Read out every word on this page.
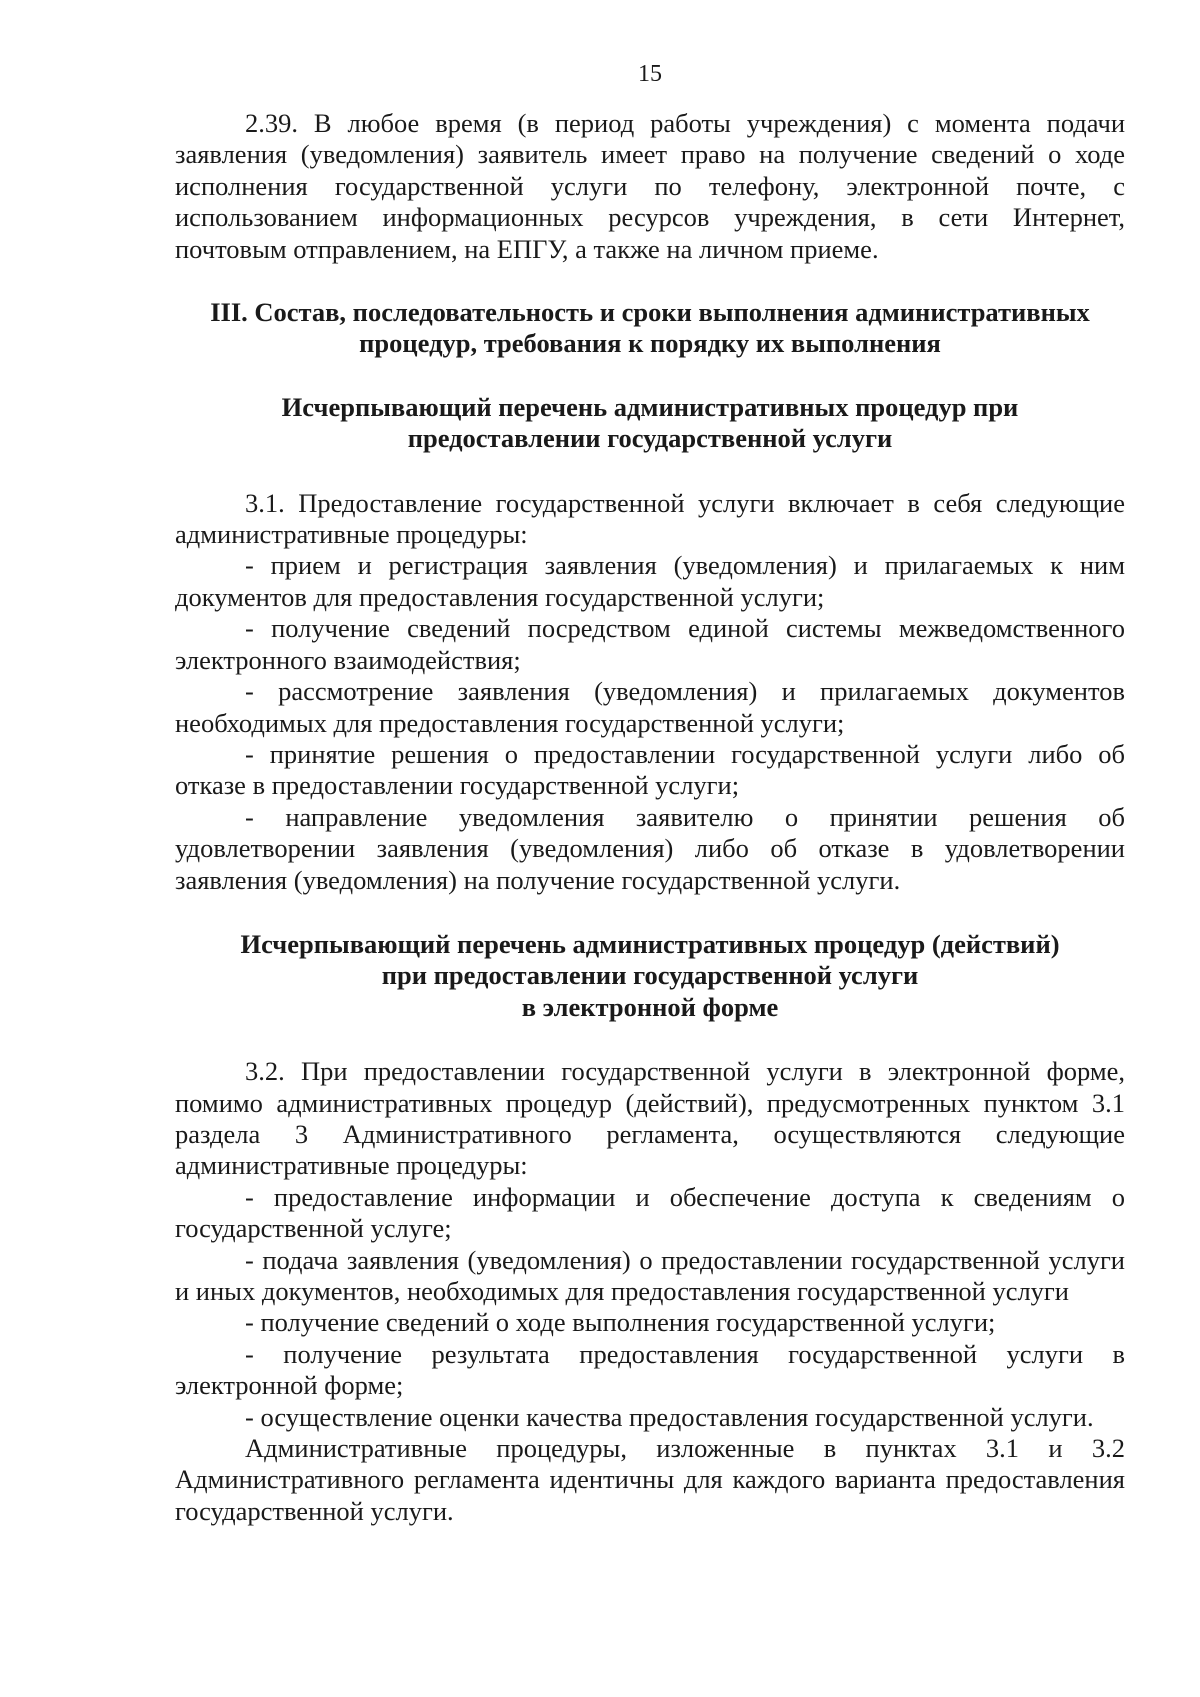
15

2.39. В любое время (в период работы учреждения) с момента подачи заявления (уведомления) заявитель имеет право на получение сведений о ходе исполнения государственной услуги по телефону, электронной почте, с использованием информационных ресурсов учреждения, в сети Интернет, почтовым отправлением, на ЕПГУ, а также на личном приеме.

III. Состав, последовательность и сроки выполнения административных
процедур, требования к порядку их выполнения
Исчерпывающий перечень административных процедур при
предоставлении государственной услуги

3.1. Предоставление государственной услуги включает в себя следующие административные процедуры:

- прием и регистрация заявления (уведомления) и прилагаемых к ним документов для предоставления государственной услуги;

- получение сведений посредством единой системы межведомственного электронного взаимодействия;

- рассмотрение заявления (уведомления) и прилагаемых документов необходимых для предоставления государственной услуги;

- принятие решения о предоставлении государственной услуги либо об отказе в предоставлении государственной услуги;

- направление уведомления заявителю о принятии решения об удовлетворении заявления (уведомления) либо об отказе в удовлетворении заявления (уведомления) на получение государственной услуги.

Исчерпывающий перечень административных процедур (действий)
при предоставлении государственной услуги
в электронной форме

3.2. При предоставлении государственной услуги в электронной форме, помимо административных процедур (действий), предусмотренных пунктом 3.1 раздела 3 Административного регламента, осуществляются следующие административные процедуры:

- предоставление информации и обеспечение доступа к сведениям о государственной услуге;

- подача заявления (уведомления) о предоставлении государственной услуги и иных документов, необходимых для предоставления государственной услуги

- получение сведений о ходе выполнения государственной услуги;

- получение результата предоставления государственной услуги в электронной форме;

- осуществление оценки качества предоставления государственной услуги.

Административные процедуры, изложенные в пунктах 3.1 и 3.2 Административного регламента идентичны для каждого варианта предоставления государственной услуги.
